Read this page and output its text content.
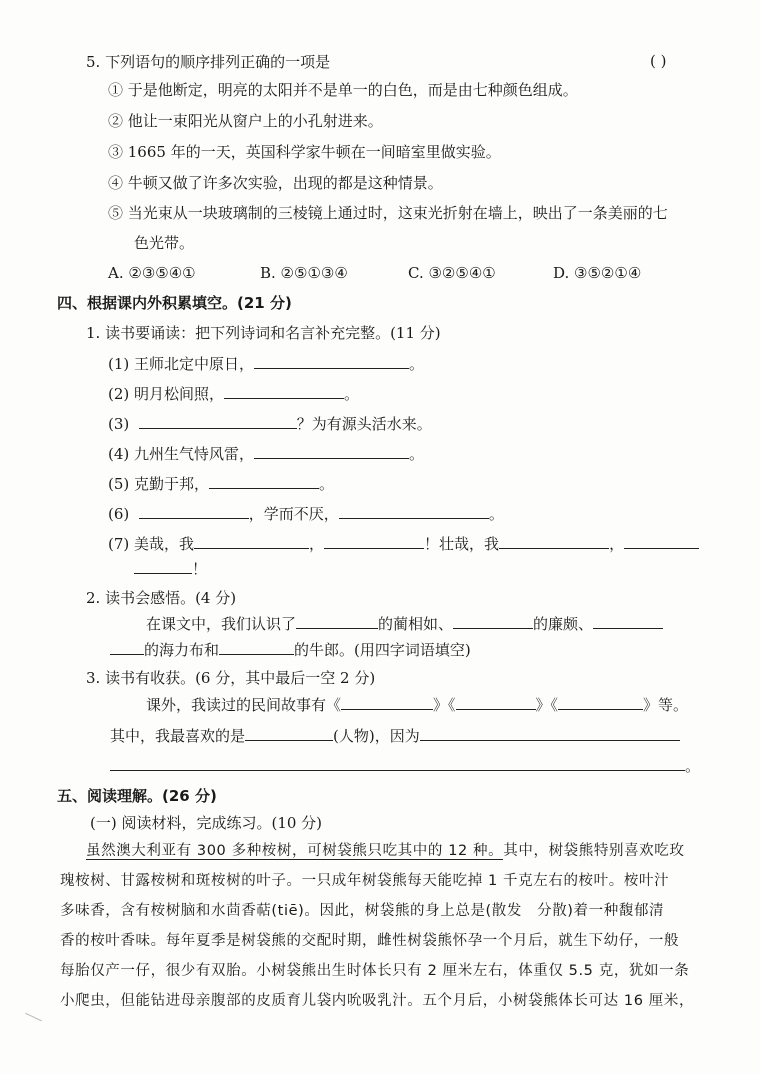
5. 下列语句的顺序排列正确的一项是	( )
① 于是他断定，明亮的太阳并不是单一的白色，而是由七种颜色组成。
② 他让一束阳光从窗户上的小孔射进来。
③ 1665 年的一天，英国科学家牛顿在一间暗室里做实验。
④ 牛顿又做了许多次实验，出现的都是这种情景。
⑤ 当光束从一块玻璃制的三棱镜上通过时，这束光折射在墙上，映出了一条美丽的七
色光带。
A. ②③⑤④①	B. ②⑤①③④	C. ③②⑤④①	D. ③⑤②①④
四、根据课内外积累填空。(21 分)
1. 读书要诵读：把下列诗词和名言补充完整。(11 分)
(1) 王师北定中原日，	。
(2) 明月松间照，	。
(3)	？为有源头活水来。
(4) 九州生气恃风雷，	。
(5) 克勤于邦，	。
(6)	，学而不厌，	。
(7) 美哉，我	，	！壮哉，我	，
！
2. 读书会感悟。(4 分)
在课文中，我们认识了	的蔺相如、	的廉颇、
的海力布和	的牛郎。(用四字词语填空)
3. 读书有收获。(6 分，其中最后一空 2 分)
课外，我读过的民间故事有《	》《	》《	》等。
其中，我最喜欢的是	(人物)，因为
。
五、阅读理解。(26 分)
(一) 阅读材料，完成练习。(10 分)
虽然澳大利亚有 300 多种桉树，可树袋熊只吃其中的 12 种。其中，树袋熊特别喜欢吃玫
瑰桉树、甘露桉树和斑桉树的叶子。一只成年树袋熊每天能吃掉 1 千克左右的桉叶。桉叶汁
多味香，含有桉树脑和水茴香萜(tiē)。因此，树袋熊的身上总是(散发　分散)着一种馥郁清
香的桉叶香味。每年夏季是树袋熊的交配时期，雌性树袋熊怀孕一个月后，就生下幼仔，一般
每胎仅产一仔，很少有双胎。小树袋熊出生时体长只有 2 厘米左右，体重仅 5.5 克，犹如一条
小爬虫，但能钻进母亲腹部的皮质育儿袋内吮吸乳汁。五个月后，小树袋熊体长可达 16 厘米，
